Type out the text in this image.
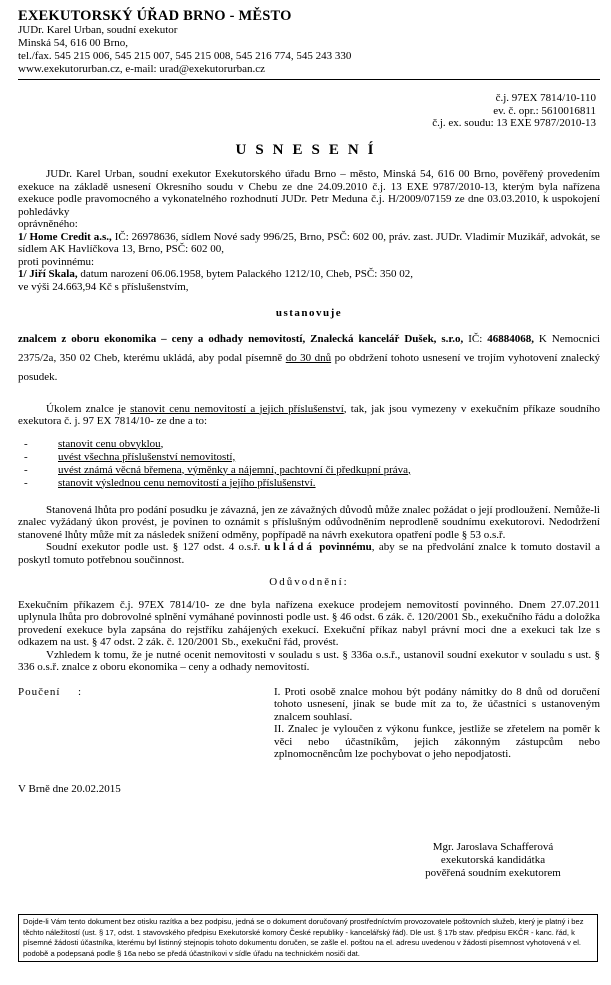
EXEKUTORSKÝ ÚŘAD BRNO - MĚSTO
JUDr. Karel Urban, soudní exekutor
Minská 54, 616 00 Brno,
tel./fax. 545 215 006, 545 215 007, 545 215 008, 545 216 774, 545 243 330
www.exekutorurban.cz, e-mail: urad@exekutorurban.cz
č.j. 97EX 7814/10-110
ev. č. opr.: 5610016811
č.j. ex. soudu: 13 EXE 9787/2010-13
USNESENÍ
JUDr. Karel Urban, soudní exekutor Exekutorského úřadu Brno – město, Minská 54, 616 00 Brno, pověřený provedením exekuce na základě usnesení Okresního soudu v Chebu ze dne 24.09.2010 č.j. 13 EXE 9787/2010-13, kterým byla nařízena exekuce podle pravomocného a vykonatelného rozhodnutí JUDr. Petr Meduna č.j. H/2009/07159 ze dne 03.03.2010, k uspokojení pohledávky
oprávněného:
1/ Home Credit a.s., IČ: 26978636, sídlem Nové sady 996/25, Brno, PSČ: 602 00, práv. zast. JUDr. Vladimír Muzikář, advokát, se sídlem AK Havlíčkova 13, Brno, PSČ: 602 00,
proti povinnému:
1/ Jiří Skala, datum narození 06.06.1958, bytem Palackého 1212/10, Cheb, PSČ: 350 02,
ve výši 24.663,94 Kč s příslušenstvím,
ustanovuje
znalcem z oboru ekonomika – ceny a odhady nemovitostí, Znalecká kancelář Dušek, s.r.o, IČ: 46884068, K Nemocnici 2375/2a, 350 02 Cheb, kterému ukládá, aby podal písemně do 30 dnů po obdržení tohoto usnesení ve trojím vyhotovení znalecký posudek.
Úkolem znalce je stanovit cenu nemovitostí a jejich příslušenství, tak, jak jsou vymezeny v exekučním příkaze soudního exekutora č. j. 97 EX 7814/10- ze dne a to:
-	stanovit cenu obvyklou,
-	uvést všechna příslušenství nemovitostí,
-	uvést známá věcná břemena, výměnky a nájemní, pachtovní či předkupní práva,
-	stanovit výslednou cenu nemovitostí a jejího příslušenství.
Stanovená lhůta pro podání posudku je závazná, jen ze závažných důvodů může znalec požádat o její prodloužení. Nemůže-li znalec vyžádaný úkon provést, je povinen to oznámit s příslušným odůvodněním neprodleně soudnímu exekutorovi. Nedodržení stanovené lhůty může mít za následek snížení odměny, popřípadě na návrh exekutora opatření podle § 53 o.s.ř.
Soudní exekutor podle ust. § 127 odst. 4 o.s.ř. ukládá povinnému, aby se na předvolání znalce k tomuto dostavil a poskytl tomuto potřebnou součinnost.
Odůvodnění:
Exekučním příkazem č.j. 97EX 7814/10- ze dne byla nařízena exekuce prodejem nemovitostí povinného. Dnem 27.07.2011 uplynula lhůta pro dobrovolné splnění vymáhané povinnosti podle ust. § 46 odst. 6 zák. č. 120/2001 Sb., exekučního řádu a doložka provedení exekuce byla zapsána do rejstříku zahájených exekucí. Exekuční příkaz nabyl právní moci dne a exekuci tak lze s odkazem na ust. § 47 odst. 2 zák. č. 120/2001 Sb., exekuční řád, provést.
Vzhledem k tomu, že je nutné ocenit nemovitosti v souladu s ust. § 336a o.s.ř., ustanovil soudní exekutor v souladu s ust. § 336 o.s.ř. znalce z oboru ekonomika – ceny a odhady nemovitostí.
Poučení	:	I. Proti osobě znalce mohou být podány námitky do 8 dnů od doručení tohoto usnesení, jinak se bude mít za to, že účastníci s ustanoveným znalcem souhlasí.
II. Znalec je vyloučen z výkonu funkce, jestliže se zřetelem na poměr k věci nebo účastníkům, jejich zákonným zástupcům nebo zplnomocněncům lze pochybovat o jeho nepodjatosti.
V Brně dne 20.02.2015
Mgr. Jaroslava Schafferová
exekutorská kandidátka
pověřená soudním exekutorem
Dojde-li Vám tento dokument bez otisku razítka a bez podpisu, jedná se o dokument doručovaný prostředníctvím provozovatele poštovních služeb, který je platný i bez těchto náležitostí (ust. § 17, odst. 1 stavovského předpisu Exekutorské komory České republiky - kancelářský řád). Dle ust. § 17b stav. předpisu EKČR - kanc. řád, k písemné žádosti účastníka, kterému byl listinný stejnopis tohoto dokumentu doručen, se zašle el. poštou na el. adresu uvedenou v žádosti písemnost vyhotovená v el. podobě a podepsaná podle § 16a nebo se předá účastníkovi v sídle úřadu na technickém nosiči dat.
